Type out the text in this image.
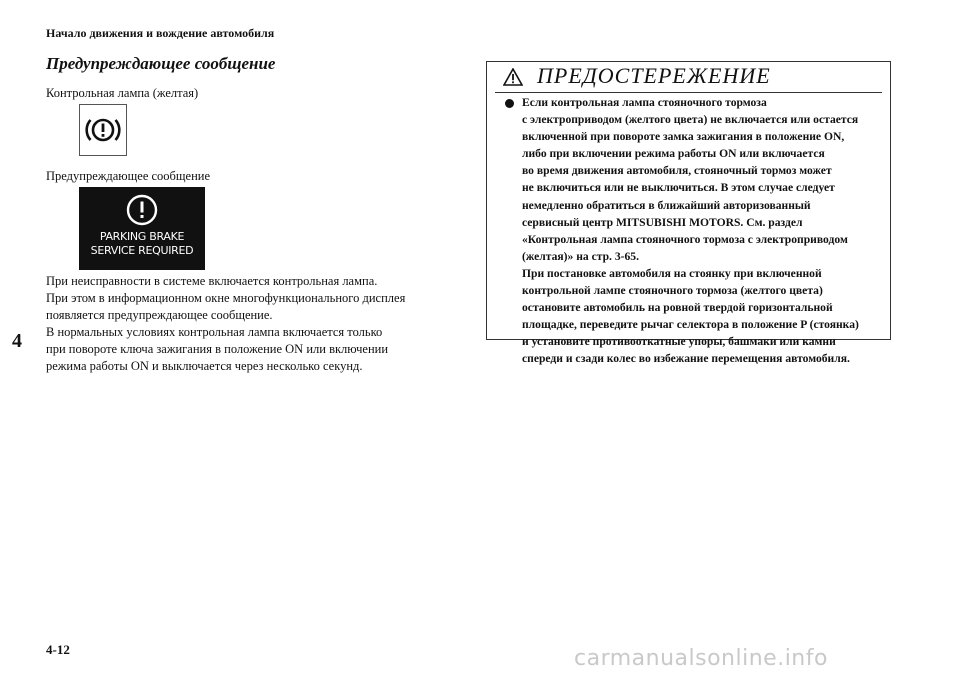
Начало движения и вождение автомобиля
Предупреждающее сообщение
Контрольная лампа (желтая)
Предупреждающее сообщение
PARKING BRAKE
SERVICE REQUIRED
При неисправности в системе включается контрольная лампа.
При этом в информационном окне многофункционального дисплея
появляется предупреждающее сообщение.
В нормальных условиях контрольная лампа включается только
при повороте ключа зажигания в положение ON или включении
режима работы ON и выключается через несколько секунд.
4
ПРЕДОСТЕРЕЖЕНИЕ
Если контрольная лампа стояночного тормоза
с электроприводом (желтого цвета) не включается или остается
включенной при повороте замка зажигания в положение ON,
либо при включении режима работы ON или включается
во время движения автомобиля, стояночный тормоз может
не включиться или не выключиться. В этом случае следует
немедленно обратиться в ближайший авторизованный
сервисный центр MITSUBISHI MOTORS. См. раздел
«Контрольная лампа стояночного тормоза с электроприводом
(желтая)» на стр. 3-65.
При постановке автомобиля на стоянку при включенной
контрольной лампе стояночного тормоза (желтого цвета)
остановите автомобиль на ровной твердой горизонтальной
площадке, переведите рычаг селектора в положение P (стоянка)
и установите противооткатные упоры, башмаки или камни
спереди и сзади колес во избежание перемещения автомобиля.
4-12	carmanualsonline.info
